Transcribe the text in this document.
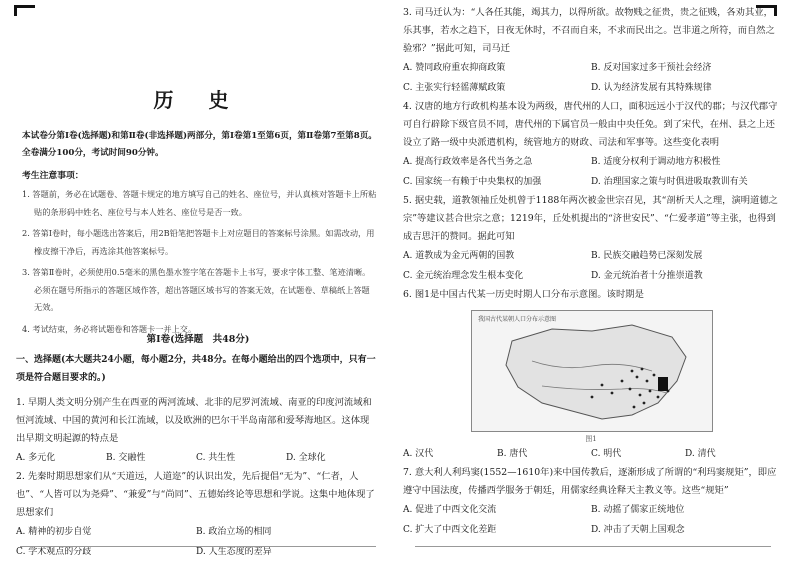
历 史

本试卷分第Ⅰ卷(选择题)和第Ⅱ卷(非选择题)两部分，第Ⅰ卷第1至第6页，第Ⅱ卷第7至第8页。全卷满分100分，考试时间90分钟。

考生注意事项：

1. 答题前，务必在试题卷、答题卡规定的地方填写自己的姓名、座位号，并认真核对答题卡上所粘贴的条形码中姓名、座位号与本人姓名、座位号是否一致。

2. 答第Ⅰ卷时，每小题选出答案后，用2B铅笔把答题卡上对应题目的答案标号涂黑。如需改动，用橡皮擦干净后，再选涂其他答案标号。

3. 答第Ⅱ卷时，必须使用0.5毫米的黑色墨水签字笔在答题卡上书写，要求字体工整、笔迹清晰。必须在题号所指示的答题区域作答，超出答题区域书写的答案无效，在试题卷、草稿纸上答题无效。

4. 考试结束，务必将试题卷和答题卡一并上交。

第Ⅰ卷(选择题　共48分)

一、选择题(本大题共24小题，每小题2分，共48分。在每小题给出的四个选项中，只有一项是符合题目要求的。)

1. 早期人类文明分别产生在西亚的两河流域、北非的尼罗河流域、南亚的印度河流域和恒河流域、中国的黄河和长江流域，以及欧洲的巴尔干半岛南部和爱琴海地区。这体现出早期文明起源的特点是

A. 多元化	B. 交融性	C. 共生性	D. 全球化

2. 先秦时期思想家们从“天道远，人道迩”的认识出发，先后提倡“无为”、“仁者，人也”、“人皆可以为尧舜”、“兼爱”与“尚同”、五德始终论等思想和学说。这集中地体现了思想家们

A. 精神的初步自觉	B. 政治立场的相同
C. 学术观点的分歧	D. 人生态度的差异

3. 司马迁认为：“人各任其能，竭其力，以得所欲。故物贱之征贵，贵之征贱，各劝其业，乐其事，若水之趋下，日夜无休时，不召而自来，不求而民出之。岂非道之所符，而自然之验邪？”据此可知，司马迁

A. 赞同政府重农抑商政策	B. 反对国家过多干预社会经济
C. 主张实行轻徭薄赋政策	D. 认为经济发展有其特殊规律

4. 汉唐的地方行政机构基本设为两级，唐代州的人口，面积远远小于汉代的郡；与汉代郡守可自行辟除下级官员不同，唐代州的下属官员一般由中央任免。到了宋代，在州、县之上还设立了路一级中央派遣机构，统管地方的财政、司法和军事等。这些变化表明

A. 提高行政效率是各代当务之急	B. 适度分权利于调动地方积极性
C. 国家统一有赖于中央集权的加强	D. 治理国家之策与时俱进吸取教训有关

5. 据史载，道教领袖丘处机曾于1188年两次被金世宗召见，其“剖析天人之理，演明道德之宗”等建议甚合世宗之意；1219年，丘处机提出的“济世安民”、“仁爱孝道”等主张，也得到成吉思汗的赞同。据此可知

A. 道教成为金元两朝的国教	B. 民族交融趋势已深刻发展
C. 金元统治理念发生根本变化	D. 金元统治者十分推崇道教

6. 图1是中国古代某一历史时期人口分布示意图。该时期是

我国古代某朝人口分布示意图
图1
A. 汉代	B. 唐代	C. 明代	D. 清代

7. 意大利人利玛窦(1552—1610年)来中国传教后，逐渐形成了所谓的“利玛窦规矩”，即应遵守中国法度，传播西学服务于朝廷，用儒家经典诠释天主教义等。这些“规矩”

A. 促进了中西文化交流	B. 动摇了儒家正统地位
C. 扩大了中西文化差距	D. 冲击了天朝上国观念
